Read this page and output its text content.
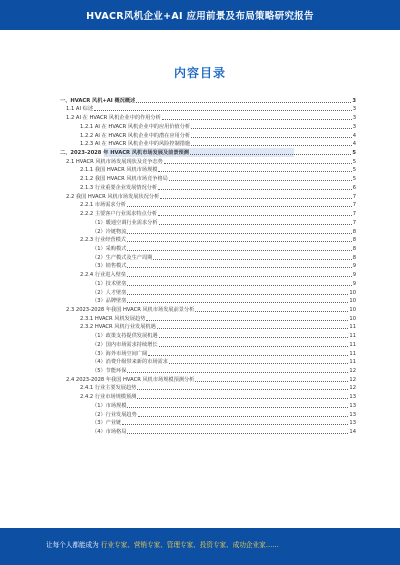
HVACR风机企业+AI 应用前景及布局策略研究报告
内容目录
一、HVACR 风机+AI 概况概述	3
1.1 AI 综述	3
1.2 AI 在 HVACR 风机企业中的作用分析	3
1.2.1 AI 在 HVACR 风机企业中的应用价值分析	3
1.2.2 AI 在 HVACR 风机企业中的潜在应用分析	4
1.2.3 AI 在 HVACR 风机企业中的风险控制措施	4
二、2023-2028 年 HVACR 风机市场发展及前景预测	5
2.1 HVACR 风机市场发展现状及竞争态势	5
2.1.1 我国 HVACR 风机市场规模	5
2.1.2 我国 HVACR 风机市场竞争格局	5
2.1.3 行业重要企业发展情况分析	6
2.2 我国 HVACR 风机市场发展状况分析	7
2.2.1 市场需求分析	7
2.2.2 主要客户行业需求特点分析	7
（1）暖通空调行业需求分析	7
（2）冷链物流	8
2.2.3 行业经营模式	8
（1）采购模式	8
（2）生产模式及生产周期	8
（3）销售模式	9
2.2.4 行业进入壁垒	9
（1）技术壁垒	9
（2）人才壁垒	10
（3）品牌壁垒	10
2.3 2023-2028 年我国 HVACR 风机市场发展前景分析	10
2.3.1 HVACR 风机发展趋势	10
2.3.2 HVACR 风机行业发展机遇	11
（1）政策支持提供发展机遇	11
（2）国内市场需求持续增长	11
（3）海外市场空间广阔	11
（4）消费升级带来新的市场需求	11
（5）节能环保	12
2.4 2023-2028 年我国 HVACR 风机市场规模预测分析	12
2.4.1 行业主要发展趋势	12
2.4.2 行业市场规模预测	13
（1）市场规模	13
（2）行业发展趋势	13
（3）产业链	13
（4）市场格局	14
让每个人都能成为 行业专家、营销专家、管理专家、投资专家、成功企业家……
